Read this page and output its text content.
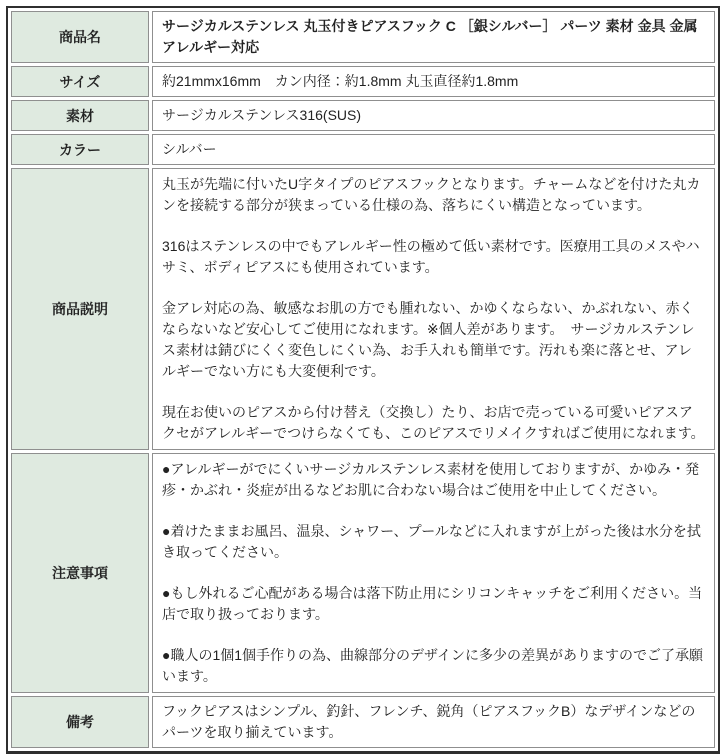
商品名	サージカルステンレス 丸玉付きピアスフック C ［銀シルバー］ パーツ 素材 金具 金属アレルギー対応
サイズ	約21mmx16mm　カン内径：約1.8mm 丸玉直径約1.8mm
素材	サージカルステンレス316(SUS)
カラー	シルバー
商品説明	丸玉が先端に付いたU字タイプのピアスフックとなります。チャームなどを付けた丸カンを接続する部分が狭まっている仕様の為、落ちにくい構造となっています。

316はステンレスの中でもアレルギー性の極めて低い素材です。医療用工具のメスやハサミ、ボディピアスにも使用されています。

金アレ対応の為、敏感なお肌の方でも腫れない、かゆくならない、かぶれない、赤くならないなど安心してご使用になれます。※個人差があります。　サージカルステンレス素材は錆びにくく変色しにくい為、お手入れも簡単です。汚れも楽に落とせ、アレルギーでない方にも大変便利です。

現在お使いのピアスから付け替え（交換し）たり、お店で売っている可愛いピアスアクセがアレルギーでつけらなくても、このピアスでリメイクすればご使用になれます。

注意事項	●アレルギーがでにくいサージカルステンレス素材を使用しておりますが、かゆみ・発疹・かぶれ・炎症が出るなどお肌に合わない場合はご使用を中止してください。

●着けたままお風呂、温泉、シャワー、プールなどに入れますが上がった後は水分を拭き取ってください。

●もし外れるご心配がある場合は落下防止用にシリコンキャッチをご利用ください。当店で取り扱っております。

●職人の1個1個手作りの為、曲線部分のデザインに多少の差異がありますのでご了承願います。

備考	フックピアスはシンプル、釣針、フレンチ、鋭角（ピアスフックB）なデザインなどのパーツを取り揃えています。
